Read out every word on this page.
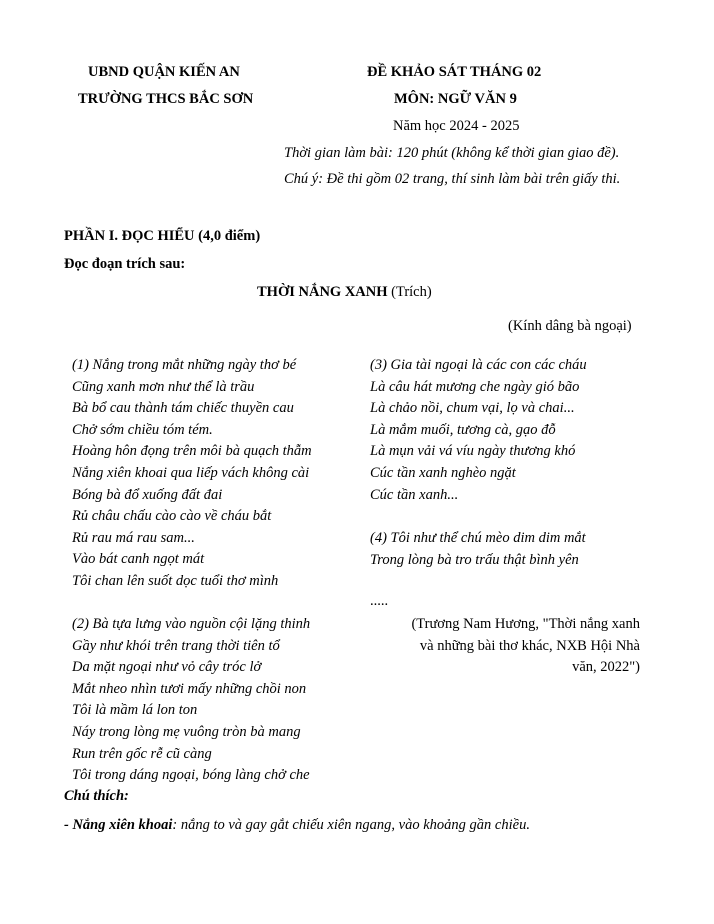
UBND QUẬN KIẾN AN
TRƯỜNG THCS BẮC SƠN
ĐỀ KHẢO SÁT THÁNG 02
MÔN: NGỮ VĂN 9
Năm học 2024 - 2025
Thời gian làm bài: 120 phút (không kể thời gian giao đề).
Chú ý: Đề thi gồm 02 trang, thí sinh làm bài trên giấy thi.
PHẦN I. ĐỌC HIỂU (4,0 điểm)
Đọc đoạn trích sau:
THỜI NẮNG XANH (Trích)
(Kính dâng bà ngoại)
(1) Nắng trong mắt những ngày thơ bé
Cũng xanh mơn như thể là trầu
Bà bổ cau thành tám chiếc thuyền cau
Chở sớm chiều tóm tém.
Hoàng hôn đọng trên môi bà quạch thẫm
Nắng xiên khoai qua liếp vách không cài
Bóng bà đổ xuống đất đai
Rủ châu chấu cào cào về cháu bắt
Rủ rau má rau sam...
Vào bát canh ngọt mát
Tôi chan lên suốt dọc tuổi thơ mình
(2) Bà tựa lưng vào nguồn cội lặng thinh
Gầy như khói trên trang thời tiên tổ
Da mặt ngoại như vỏ cây tróc lở
Mắt nheo nhìn tươi mấy những chồi non
Tôi là mầm lá lon ton
Náy trong lòng mẹ vuông tròn bà mang
Run trên gốc rễ cũ càng
Tôi trong dáng ngoại, bóng làng chở che
(3) Gia tài ngoại là các con các cháu
Là câu hát mương che ngày gió bão
Là chảo nồi, chum vại, lọ và chai...
Là mắm muối, tương cà, gạo đỗ
Là mụn vải vá víu ngày thương khó
Cúc tần xanh nghèo ngặt
Cúc tần xanh...
(4) Tôi như thể chú mèo dim dim mắt
Trong lòng bà tro trấu thật bình yên
.....
(Trương Nam Hương, "Thời nắng xanh
và những bài thơ khác, NXB Hội Nhà
văn, 2022")
Chú thích:
- Nắng xiên khoai: nắng to và gay gắt chiếu xiên ngang, vào khoảng gần chiều.
